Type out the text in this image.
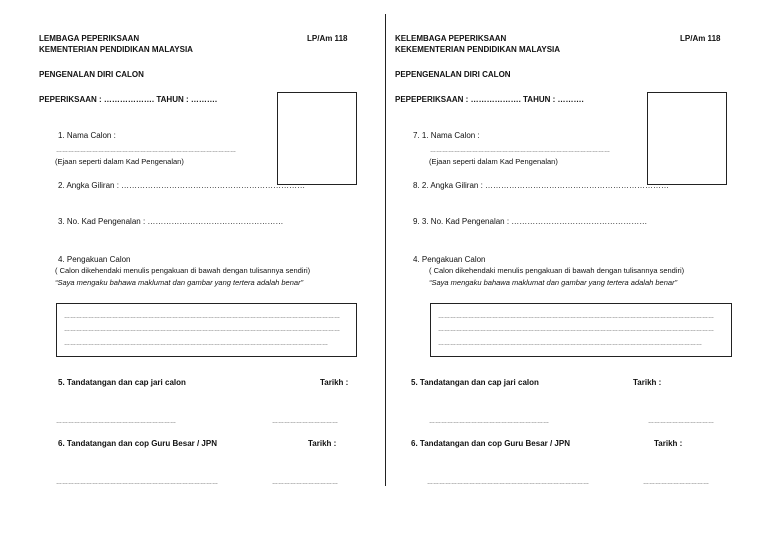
LEMBAGA PEPERIKSAAN
KEMENTERIAN PENDIDIKAN MALAYSIA
LP/Am 118
PENGENALAN DIRI CALON
PEPERIKSAAN : ………………. TAHUN : ……….
1. Nama Calon :
………………………………………………………………………………
(Ejaan seperti dalam Kad Pengenalan)
2. Angka Giliran : ……………………………………………………………
3. No. Kad Pengenalan : ……………………………………………
4. Pengakuan Calon
( Calon dikehendaki menulis pengakuan di bawah dengan tulisannya sendiri)
“Saya mengaku bahawa maklumat dan gambar yang tertera adalah benar”
…………………………………………………………………………………………………………………………
…………………………………………………………………………………………………………………………
……………………………………………………………………………………………………………………
5. Tandatangan dan cap jari calon	Tarikh :
……………………………………………………	……………………………
6. Tandatangan dan cop Guru Besar / JPN	Tarikh :
………………………………………………………………………	……………………………
KELEMBAGA PEPERIKSAAN
KEKEMENTERIAN PENDIDIKAN MALAYSIA
LP/Am 118
PEPENGENALAN DIRI CALON
PEPEPERIKSAAN : ………………. TAHUN : ……….
7. 1. Nama Calon :
………………………………………………………………………………
(Ejaan seperti dalam Kad Pengenalan)
8. 2. Angka Giliran : ……………………………………………………………
9. 3. No. Kad Pengenalan : ……………………………………………
4. Pengakuan Calon
( Calon dikehendaki menulis pengakuan di bawah dengan tulisannya sendiri)
“Saya mengaku bahawa maklumat dan gambar yang tertera adalah benar”
…………………………………………………………………………………………………………………………
…………………………………………………………………………………………………………………………
……………………………………………………………………………………………………………………
5. Tandatangan dan cap jari calon	Tarikh :
……………………………………………………	……………………………
6. Tandatangan dan cop Guru Besar / JPN	Tarikh :
………………………………………………………………………	……………………………
